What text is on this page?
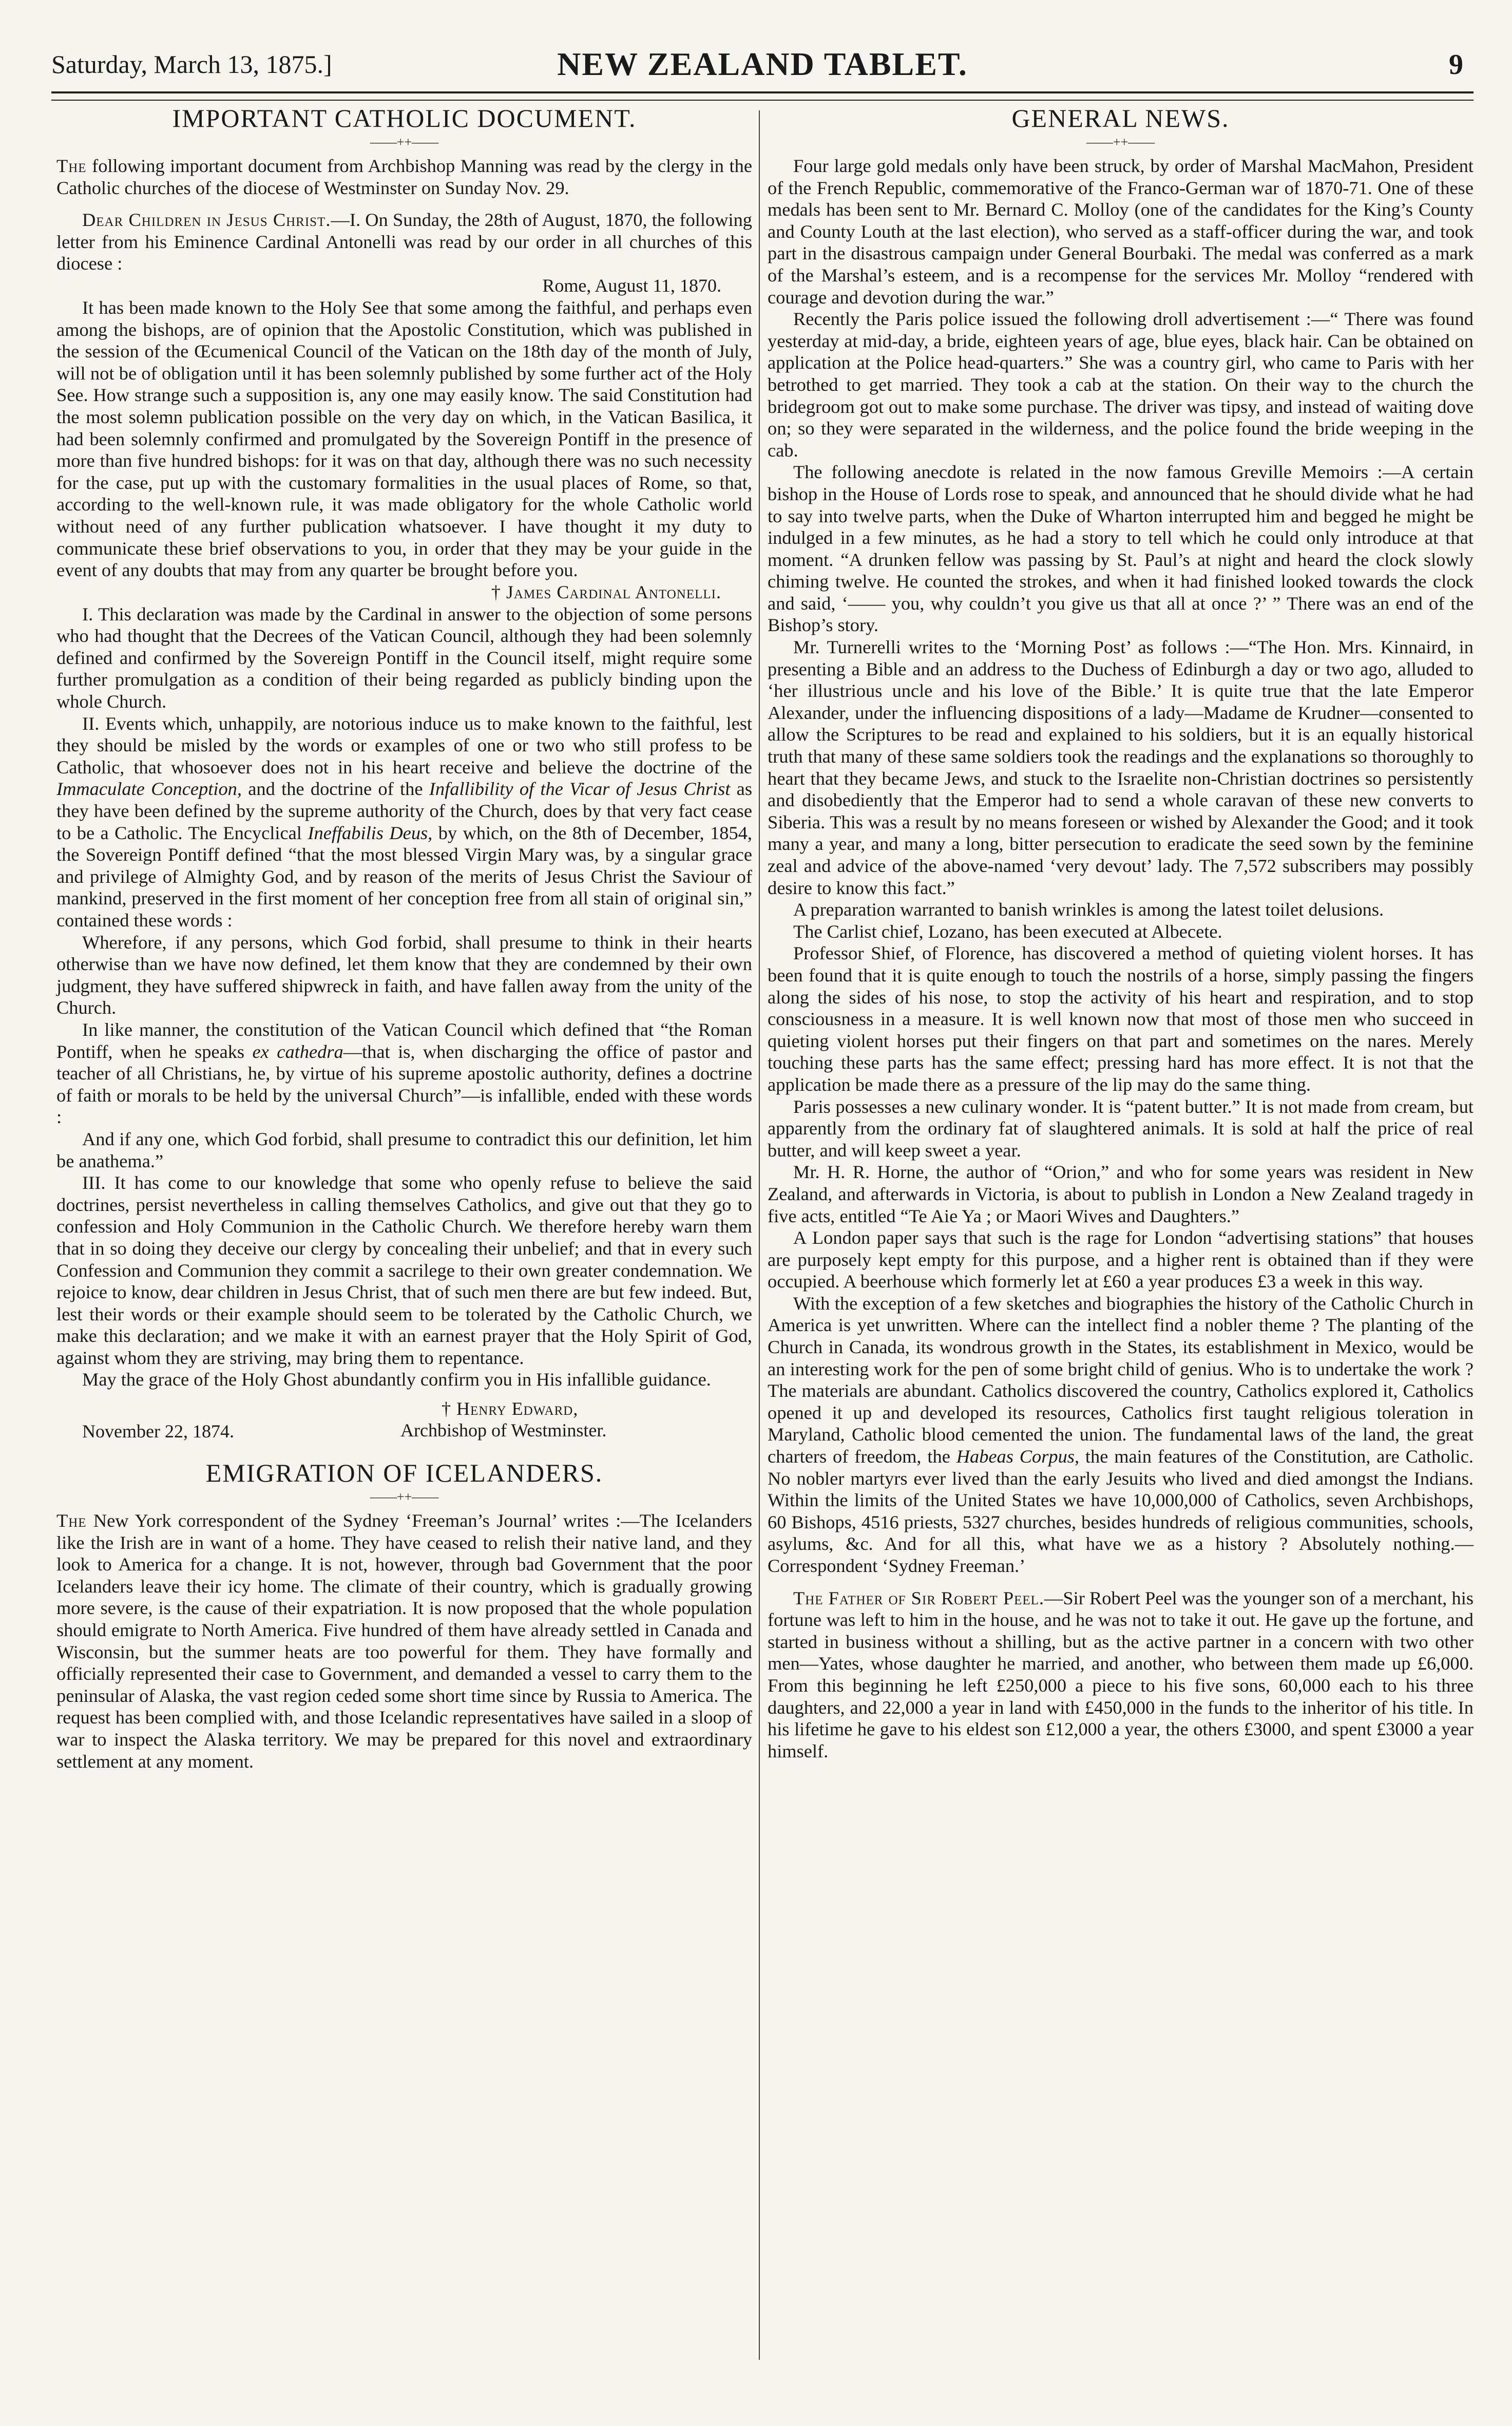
Saturday, March 13, 1875.]	NEW ZEALAND TABLET.	9
IMPORTANT CATHOLIC DOCUMENT.
——++——

The following important document from Archbishop Manning was read by the clergy in the Catholic churches of the diocese of Westminster on Sunday Nov. 29.

Dear Children in Jesus Christ.—I. On Sunday, the 28th of August, 1870, the following letter from his Eminence Cardinal Antonelli was read by our order in all churches of this diocese :

Rome, August 11, 1870.

It has been made known to the Holy See that some among the faithful, and perhaps even among the bishops, are of opinion that the Apostolic Constitution, which was published in the session of the Œcumenical Council of the Vatican on the 18th day of the month of July, will not be of obligation until it has been solemnly published by some further act of the Holy See. How strange such a supposition is, any one may easily know. The said Constitution had the most solemn publication possible on the very day on which, in the Vatican Basilica, it had been solemnly confirmed and promulgated by the Sovereign Pontiff in the presence of more than five hundred bishops: for it was on that day, although there was no such necessity for the case, put up with the customary formalities in the usual places of Rome, so that, according to the well-known rule, it was made obligatory for the whole Catholic world without need of any further publication whatsoever. I have thought it my duty to communicate these brief observations to you, in order that they may be your guide in the event of any doubts that may from any quarter be brought before you.

† James Cardinal Antonelli.

I. This declaration was made by the Cardinal in answer to the objection of some persons who had thought that the Decrees of the Vatican Council, although they had been solemnly defined and confirmed by the Sovereign Pontiff in the Council itself, might require some further promulgation as a condition of their being regarded as publicly binding upon the whole Church.

II. Events which, unhappily, are notorious induce us to make known to the faithful, lest they should be misled by the words or examples of one or two who still profess to be Catholic, that whosoever does not in his heart receive and believe the doctrine of the Immaculate Conception, and the doctrine of the Infallibility of the Vicar of Jesus Christ as they have been defined by the supreme authority of the Church, does by that very fact cease to be a Catholic. The Encyclical Ineffabilis Deus, by which, on the 8th of December, 1854, the Sovereign Pontiff defined “that the most blessed Virgin Mary was, by a singular grace and privilege of Almighty God, and by reason of the merits of Jesus Christ the Saviour of mankind, preserved in the first moment of her conception free from all stain of original sin,” contained these words :

Wherefore, if any persons, which God forbid, shall presume to think in their hearts otherwise than we have now defined, let them know that they are condemned by their own judgment, they have suffered shipwreck in faith, and have fallen away from the unity of the Church.

In like manner, the constitution of the Vatican Council which defined that “the Roman Pontiff, when he speaks ex cathedra—that is, when discharging the office of pastor and teacher of all Christians, he, by virtue of his supreme apostolic authority, defines a doctrine of faith or morals to be held by the universal Church”—is infallible, ended with these words :

And if any one, which God forbid, shall presume to contradict this our definition, let him be anathema.”

III. It has come to our knowledge that some who openly refuse to believe the said doctrines, persist nevertheless in calling themselves Catholics, and give out that they go to confession and Holy Communion in the Catholic Church. We therefore hereby warn them that in so doing they deceive our clergy by concealing their unbelief; and that in every such Confession and Communion they commit a sacrilege to their own greater condemnation. We rejoice to know, dear children in Jesus Christ, that of such men there are but few indeed. But, lest their words or their example should seem to be tolerated by the Catholic Church, we make this declaration; and we make it with an earnest prayer that the Holy Spirit of God, against whom they are striving, may bring them to repentance.

May the grace of the Holy Ghost abundantly confirm you in His infallible guidance.

† Henry Edward,
Archbishop of Westminster.
November 22, 1874.
EMIGRATION OF ICELANDERS.
——++——

The New York correspondent of the Sydney ‘Freeman’s Journal’ writes :—The Icelanders like the Irish are in want of a home. They have ceased to relish their native land, and they look to America for a change. It is not, however, through bad Government that the poor Icelanders leave their icy home. The climate of their country, which is gradually growing more severe, is the cause of their expatriation. It is now proposed that the whole population should emigrate to North America. Five hundred of them have already settled in Canada and Wisconsin, but the summer heats are too powerful for them. They have formally and officially represented their case to Government, and demanded a vessel to carry them to the peninsular of Alaska, the vast region ceded some short time since by Russia to America. The request has been complied with, and those Icelandic representatives have sailed in a sloop of war to inspect the Alaska territory. We may be prepared for this novel and extraordinary settlement at any moment.

GENERAL NEWS.
——++——

Four large gold medals only have been struck, by order of Marshal MacMahon, President of the French Republic, commemorative of the Franco-German war of 1870-71. One of these medals has been sent to Mr. Bernard C. Molloy (one of the candidates for the King’s County and County Louth at the last election), who served as a staff-officer during the war, and took part in the disastrous campaign under General Bourbaki. The medal was conferred as a mark of the Marshal’s esteem, and is a recompense for the services Mr. Molloy “rendered with courage and devotion during the war.”

Recently the Paris police issued the following droll advertisement :—“ There was found yesterday at mid-day, a bride, eighteen years of age, blue eyes, black hair. Can be obtained on application at the Police head-quarters.” She was a country girl, who came to Paris with her betrothed to get married. They took a cab at the station. On their way to the church the bridegroom got out to make some purchase. The driver was tipsy, and instead of waiting dove on; so they were separated in the wilderness, and the police found the bride weeping in the cab.

The following anecdote is related in the now famous Greville Memoirs :—A certain bishop in the House of Lords rose to speak, and announced that he should divide what he had to say into twelve parts, when the Duke of Wharton interrupted him and begged he might be indulged in a few minutes, as he had a story to tell which he could only introduce at that moment. “A drunken fellow was passing by St. Paul’s at night and heard the clock slowly chiming twelve. He counted the strokes, and when it had finished looked towards the clock and said, ‘—— you, why couldn’t you give us that all at once ?’ ” There was an end of the Bishop’s story.

Mr. Turnerelli writes to the ‘Morning Post’ as follows :—“The Hon. Mrs. Kinnaird, in presenting a Bible and an address to the Duchess of Edinburgh a day or two ago, alluded to ‘her illustrious uncle and his love of the Bible.’ It is quite true that the late Emperor Alexander, under the influencing dispositions of a lady—Madame de Krudner—consented to allow the Scriptures to be read and explained to his soldiers, but it is an equally historical truth that many of these same soldiers took the readings and the explanations so thoroughly to heart that they became Jews, and stuck to the Israelite non-Christian doctrines so persistently and disobediently that the Emperor had to send a whole caravan of these new converts to Siberia. This was a result by no means foreseen or wished by Alexander the Good; and it took many a year, and many a long, bitter persecution to eradicate the seed sown by the feminine zeal and advice of the above-named ‘very devout’ lady. The 7,572 subscribers may possibly desire to know this fact.”

A preparation warranted to banish wrinkles is among the latest toilet delusions.

The Carlist chief, Lozano, has been executed at Albecete.

Professor Shief, of Florence, has discovered a method of quieting violent horses. It has been found that it is quite enough to touch the nostrils of a horse, simply passing the fingers along the sides of his nose, to stop the activity of his heart and respiration, and to stop consciousness in a measure. It is well known now that most of those men who succeed in quieting violent horses put their fingers on that part and sometimes on the nares. Merely touching these parts has the same effect; pressing hard has more effect. It is not that the application be made there as a pressure of the lip may do the same thing.

Paris possesses a new culinary wonder. It is “patent butter.” It is not made from cream, but apparently from the ordinary fat of slaughtered animals. It is sold at half the price of real butter, and will keep sweet a year.

Mr. H. R. Horne, the author of “Orion,” and who for some years was resident in New Zealand, and afterwards in Victoria, is about to publish in London a New Zealand tragedy in five acts, entitled “Te Aie Ya ; or Maori Wives and Daughters.”

A London paper says that such is the rage for London “advertising stations” that houses are purposely kept empty for this purpose, and a higher rent is obtained than if they were occupied. A beerhouse which formerly let at £60 a year produces £3 a week in this way.

With the exception of a few sketches and biographies the history of the Catholic Church in America is yet unwritten. Where can the intellect find a nobler theme ? The planting of the Church in Canada, its wondrous growth in the States, its establishment in Mexico, would be an interesting work for the pen of some bright child of genius. Who is to undertake the work ? The materials are abundant. Catholics discovered the country, Catholics explored it, Catholics opened it up and developed its resources, Catholics first taught religious toleration in Maryland, Catholic blood cemented the union. The fundamental laws of the land, the great charters of freedom, the Habeas Corpus, the main features of the Constitution, are Catholic. No nobler martyrs ever lived than the early Jesuits who lived and died amongst the Indians. Within the limits of the United States we have 10,000,000 of Catholics, seven Archbishops, 60 Bishops, 4516 priests, 5327 churches, besides hundreds of religious communities, schools, asylums, &c. And for all this, what have we as a history ? Absolutely nothing.—Correspondent ‘Sydney Freeman.’

The Father of Sir Robert Peel.—Sir Robert Peel was the younger son of a merchant, his fortune was left to him in the house, and he was not to take it out. He gave up the fortune, and started in business without a shilling, but as the active partner in a concern with two other men—Yates, whose daughter he married, and another, who between them made up £6,000. From this beginning he left £250,000 a piece to his five sons, 60,000 each to his three daughters, and 22,000 a year in land with £450,000 in the funds to the inheritor of his title. In his lifetime he gave to his eldest son £12,000 a year, the others £3000, and spent £3000 a year himself.
